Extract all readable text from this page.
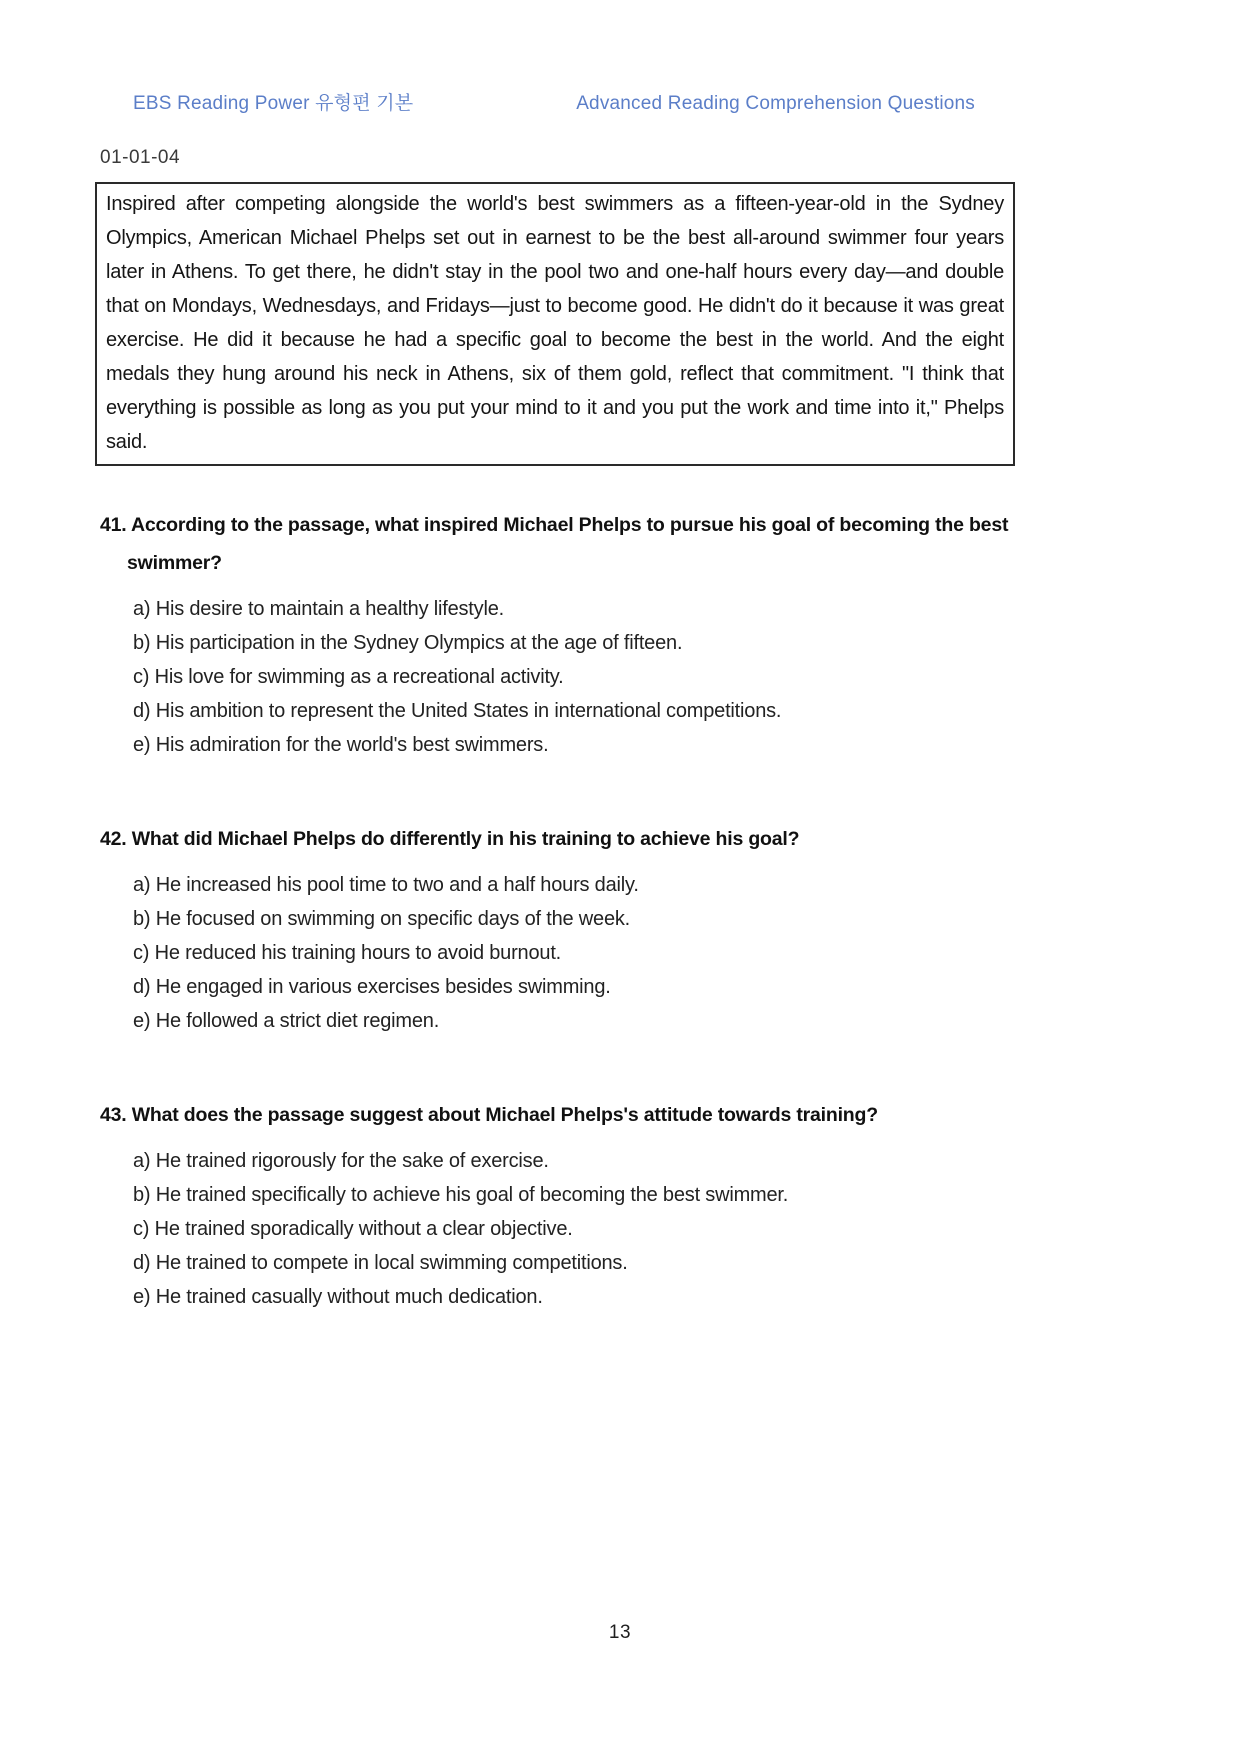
EBS Reading Power 유형편 기본	Advanced Reading Comprehension Questions
01-01-04
Inspired after competing alongside the world's best swimmers as a fifteen-year-old in the Sydney Olympics, American Michael Phelps set out in earnest to be the best all-around swimmer four years later in Athens. To get there, he didn't stay in the pool two and one-half hours every day—and double that on Mondays, Wednesdays, and Fridays—just to become good. He didn't do it because it was great exercise. He did it because he had a specific goal to become the best in the world. And the eight medals they hung around his neck in Athens, six of them gold, reflect that commitment. "I think that everything is possible as long as you put your mind to it and you put the work and time into it," Phelps said.
41. According to the passage, what inspired Michael Phelps to pursue his goal of becoming the best swimmer?
a) His desire to maintain a healthy lifestyle.
b) His participation in the Sydney Olympics at the age of fifteen.
c) His love for swimming as a recreational activity.
d) His ambition to represent the United States in international competitions.
e) His admiration for the world's best swimmers.
42. What did Michael Phelps do differently in his training to achieve his goal?
a) He increased his pool time to two and a half hours daily.
b) He focused on swimming on specific days of the week.
c) He reduced his training hours to avoid burnout.
d) He engaged in various exercises besides swimming.
e) He followed a strict diet regimen.
43. What does the passage suggest about Michael Phelps's attitude towards training?
a) He trained rigorously for the sake of exercise.
b) He trained specifically to achieve his goal of becoming the best swimmer.
c) He trained sporadically without a clear objective.
d) He trained to compete in local swimming competitions.
e) He trained casually without much dedication.
13
